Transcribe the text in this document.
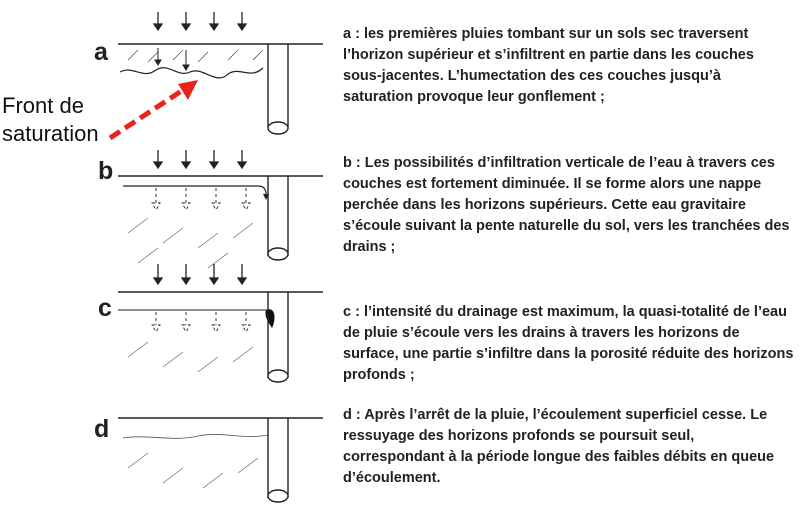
a
b
c
d
Front de
saturation

a : les premières pluies tombant sur un sols sec traversent l’horizon supérieur et s’infiltrent en partie dans les couches sous-jacentes. L’humectation des ces couches jusqu’à saturation provoque leur gonflement ;

b : Les possibilités d’infiltration verticale de l’eau à travers ces couches est fortement diminuée. Il se forme alors une nappe perchée dans les horizons supérieurs. Cette eau gravitaire s’écoule suivant la pente naturelle du sol, vers les tranchées des drains ;

c : l’intensité du drainage est maximum, la quasi-totalité de l’eau de pluie s’écoule vers les drains à travers les horizons de surface, une partie s’infiltre dans la porosité réduite des horizons profonds ;

d : Après l’arrêt de la pluie, l’écoulement superficiel cesse. Le ressuyage des horizons profonds se poursuit seul, correspondant à la période longue des faibles débits en queue d’écoulement.
